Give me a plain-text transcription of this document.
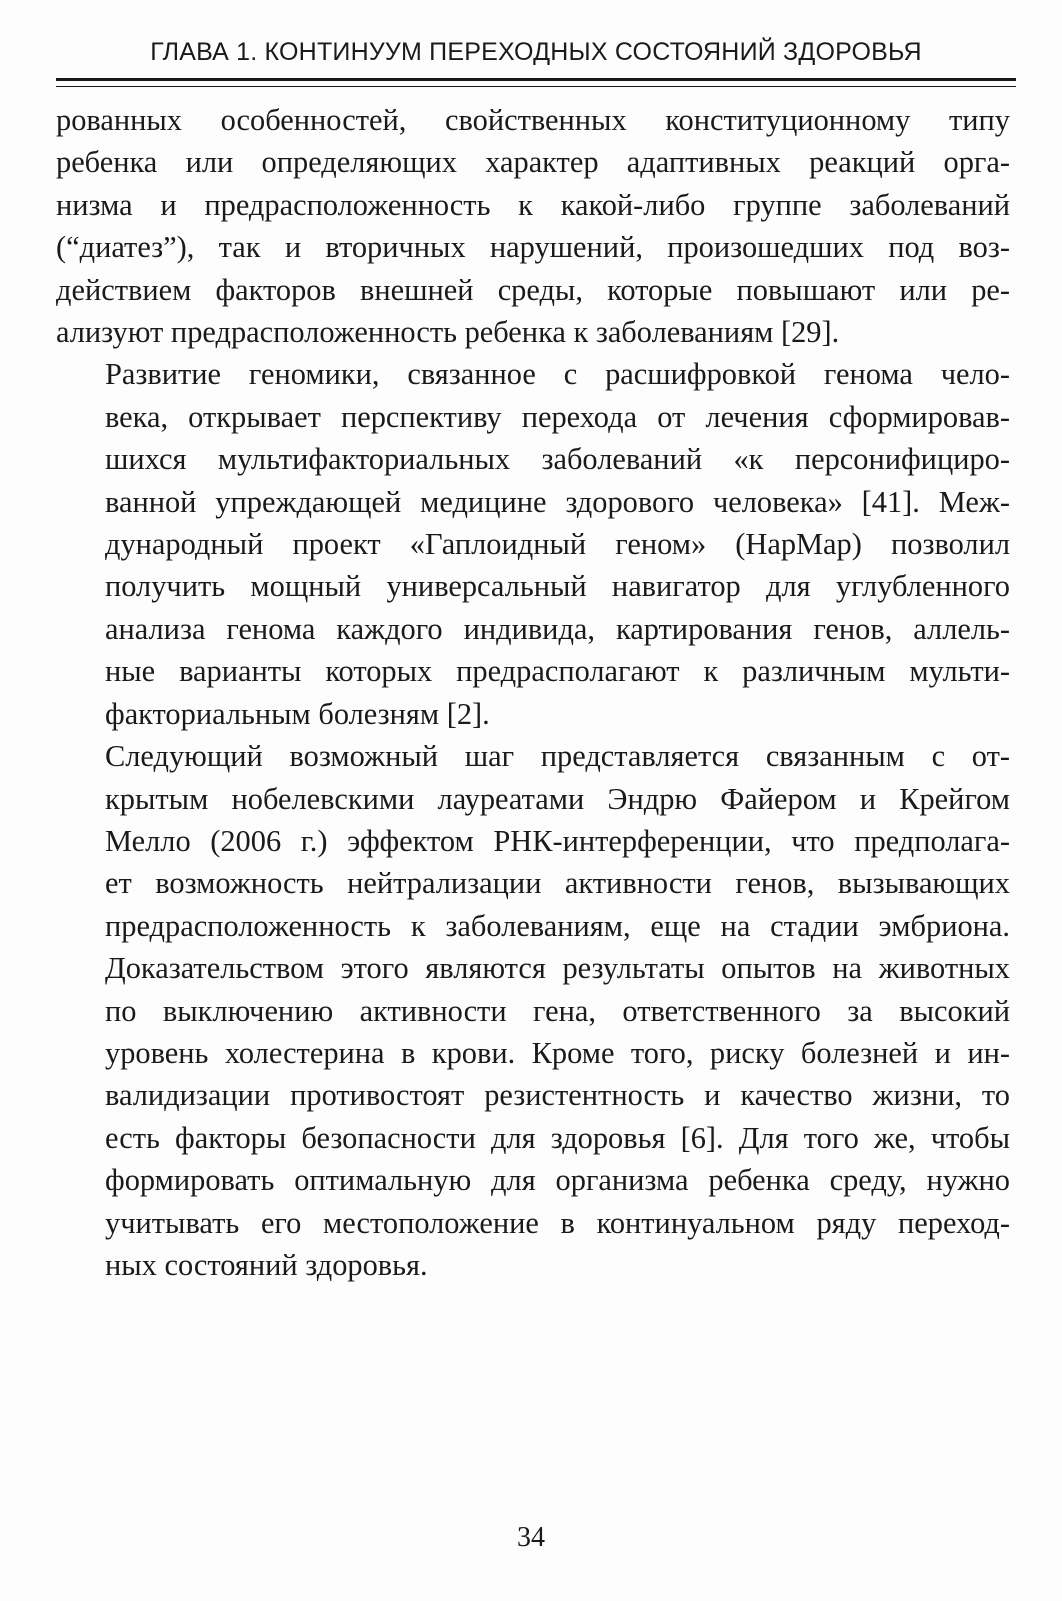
ГЛАВА 1. КОНТИНУУМ ПЕРЕХОДНЫХ СОСТОЯНИЙ ЗДОРОВЬЯ

рованных особенностей, свойственных конституционному типу
ребенка или определяющих характер адаптивных реакций орга-
низма и предрасположенность к какой-либо группе заболеваний
(“диатез”), так и вторичных нарушений, произошедших под воз-
действием факторов внешней среды, которые повышают или ре-
ализуют предрасположенность ребенка к заболеваниям [29].

Развитие геномики, связанное с расшифровкой генома чело-
века, открывает перспективу перехода от лечения сформировав-
шихся мультифакториальных заболеваний «к персонифициро-
ванной упреждающей медицине здорового человека» [41]. Меж-
дународный проект «Гаплоидный геном» (НарМар) позволил
получить мощный универсальный навигатор для углубленного
анализа генома каждого индивида, картирования генов, аллель-
ные варианты которых предрасполагают к различным мульти-
факториальным болезням [2].

Следующий возможный шаг представляется связанным с от-
крытым нобелевскими лауреатами Эндрю Файером и Крейгом
Мелло (2006 г.) эффектом РНК-интерференции, что предполага-
ет возможность нейтрализации активности генов, вызывающих
предрасположенность к заболеваниям, еще на стадии эмбриона.
Доказательством этого являются результаты опытов на животных
по выключению активности гена, ответственного за высокий
уровень холестерина в крови. Кроме того, риску болезней и ин-
валидизации противостоят резистентность и качество жизни, то
есть факторы безопасности для здоровья [6]. Для того же, чтобы
формировать оптимальную для организма ребенка среду, нужно
учитывать его местоположение в континуальном ряду переход-
ных состояний здоровья.

34
